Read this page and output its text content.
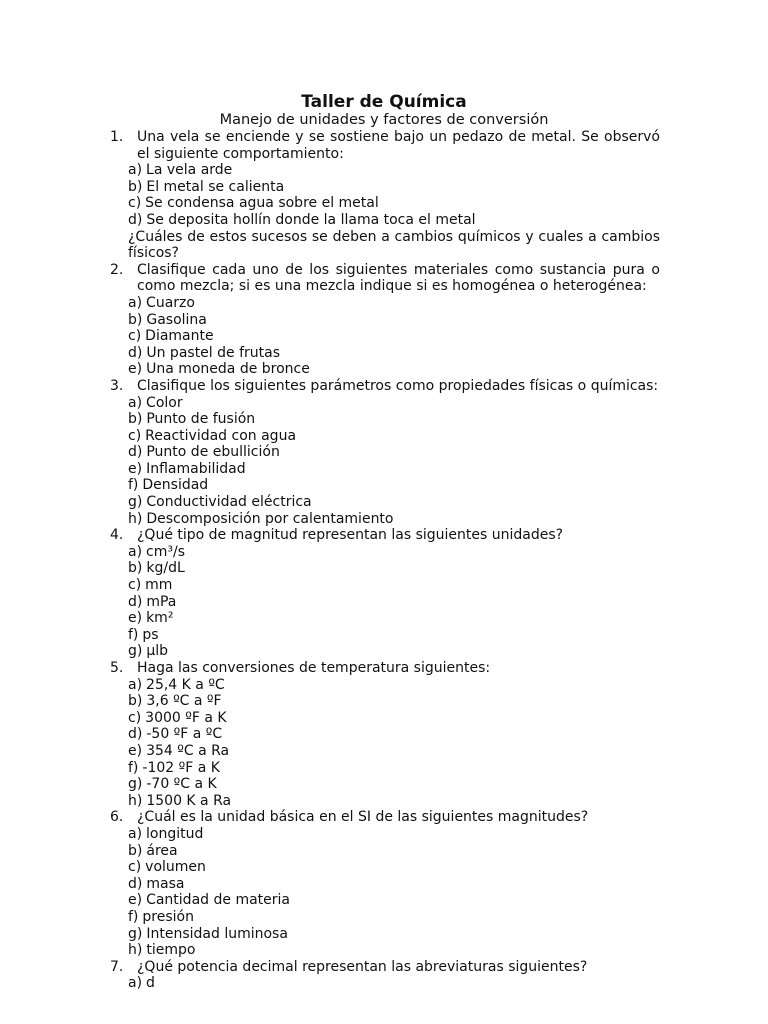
Taller de Química
Manejo de unidades y factores de conversión
1. Una vela se enciende y se sostiene bajo un pedazo de metal. Se observó el siguiente comportamiento:
a) La vela arde
b) El metal se calienta
c) Se condensa agua sobre el metal
d) Se deposita hollín donde la llama toca el metal
¿Cuáles de estos sucesos se deben a cambios químicos y cuales a cambios físicos?
2. Clasifique cada uno de los siguientes materiales como sustancia pura o como mezcla; si es una mezcla indique si es homogénea o heterogénea:
a) Cuarzo
b) Gasolina
c) Diamante
d) Un pastel de frutas
e) Una moneda de bronce
3. Clasifique los siguientes parámetros como propiedades físicas o químicas:
a) Color
b) Punto de fusión
c) Reactividad con agua
d) Punto de ebullición
e) Inflamabilidad
f) Densidad
g) Conductividad eléctrica
h) Descomposición por calentamiento
4. ¿Qué tipo de magnitud representan las siguientes unidades?
a) cm³/s
b) kg/dL
c) mm
d) mPa
e) km²
f) ps
g) µlb
5. Haga las conversiones de temperatura siguientes:
a) 25,4 K a ºC
b) 3,6 ºC a ºF
c) 3000 ºF a K
d) -50 ºF a ºC
e) 354 ºC a Ra
f) -102 ºF a K
g) -70 ºC a K
h) 1500 K a Ra
6. ¿Cuál es la unidad básica en el SI de las siguientes magnitudes?
a) longitud
b) área
c) volumen
d) masa
e) Cantidad de materia
f) presión
g) Intensidad luminosa
h) tiempo
7. ¿Qué potencia decimal representan las abreviaturas siguientes?
a) d
